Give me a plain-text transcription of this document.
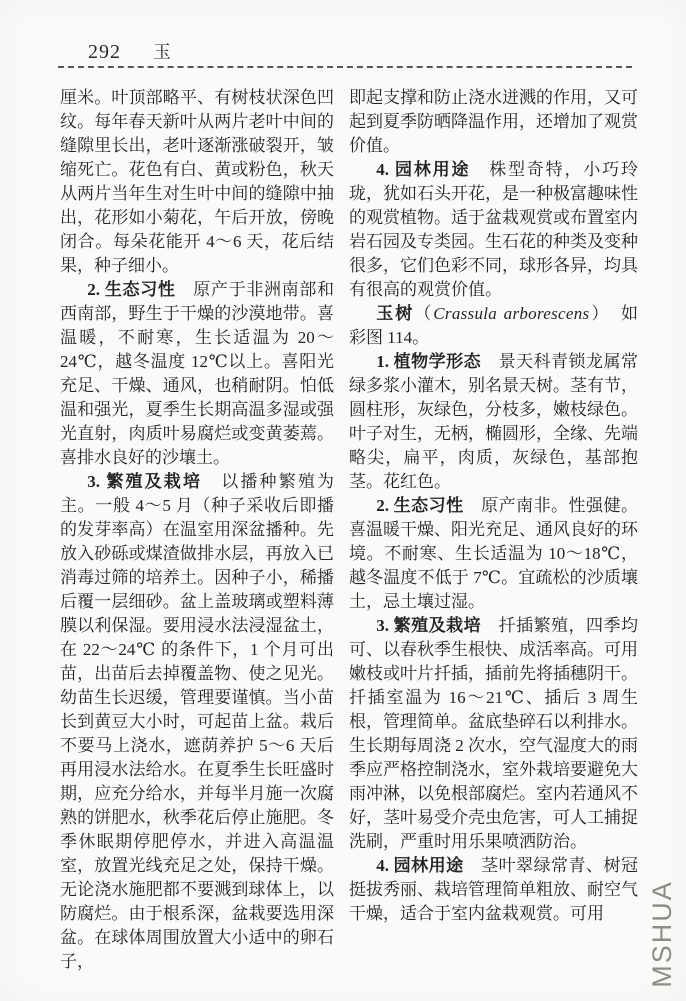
292 玉

厘米。叶顶部略平、有树枝状深色凹纹。每年春天新叶从两片老叶中间的缝隙里长出，老叶逐渐涨破裂开，皱缩死亡。花色有白、黄或粉色，秋天从两片当年生对生叶中间的缝隙中抽出，花形如小菊花，午后开放，傍晚闭合。每朵花能开 4～6 天，花后结果，种子细小。

2. 生态习性　原产于非洲南部和西南部，野生于干燥的沙漠地带。喜温暖，不耐寒，生长适温为 20～24℃，越冬温度 12℃以上。喜阳光充足、干燥、通风，也稍耐阴。怕低温和强光，夏季生长期高温多湿或强光直射，肉质叶易腐烂或变黄萎蔫。喜排水良好的沙壤土。

3. 繁殖及栽培　以播种繁殖为主。一般 4～5 月（种子采收后即播的发芽率高）在温室用深盆播种。先放入砂砾或煤渣做排水层，再放入已消毒过筛的培养土。因种子小，稀播后覆一层细砂。盆上盖玻璃或塑料薄膜以利保湿。要用浸水法浸湿盆土，在 22～24℃ 的条件下，1 个月可出苗，出苗后去掉覆盖物、使之见光。幼苗生长迟缓，管理要谨慎。当小苗长到黄豆大小时，可起苗上盆。栽后不要马上浇水，遮荫养护 5～6 天后再用浸水法给水。在夏季生长旺盛时期，应充分给水，并每半月施一次腐熟的饼肥水，秋季花后停止施肥。冬季休眠期停肥停水，并进入高温温室，放置光线充足之处，保持干燥。无论浇水施肥都不要溅到球体上，以防腐烂。由于根系深，盆栽要选用深盆。在球体周围放置大小适中的卵石子，

即起支撑和防止浇水迸溅的作用，又可起到夏季防晒降温作用，还增加了观赏价值。

4. 园林用途　株型奇特，小巧玲珑，犹如石头开花，是一种极富趣味性的观赏植物。适于盆栽观赏或布置室内岩石园及专类园。生石花的种类及变种很多，它们色彩不同，球形各异，均具有很高的观赏价值。

玉树（Crassula arborescens）　如彩图 114。

1. 植物学形态　景天科青锁龙属常绿多浆小灌木，别名景天树。茎有节，圆柱形，灰绿色，分枝多，嫩枝绿色。叶子对生，无柄，椭圆形，全缘、先端略尖，扁平，肉质，灰绿色，基部抱茎。花红色。

2. 生态习性　原产南非。性强健。喜温暖干燥、阳光充足、通风良好的环境。不耐寒、生长适温为 10～18℃，越冬温度不低于 7℃。宜疏松的沙质壤土，忌土壤过湿。

3. 繁殖及栽培　扦插繁殖，四季均可、以春秋季生根快、成活率高。可用嫩枝或叶片扦插，插前先将插穗阴干。扦插室温为 16～21℃、插后 3 周生根，管理简单。盆底垫碎石以利排水。生长期每周浇 2 次水，空气湿度大的雨季应严格控制浇水，室外栽培要避免大雨冲淋，以免根部腐烂。室内若通风不好，茎叶易受介壳虫危害，可人工捕捉洗刷，严重时用乐果喷洒防治。

4. 园林用途　茎叶翠绿常青、树冠挺拔秀丽、栽培管理简单粗放、耐空气干燥，适合于室内盆栽观赏。可用	MSHUA
